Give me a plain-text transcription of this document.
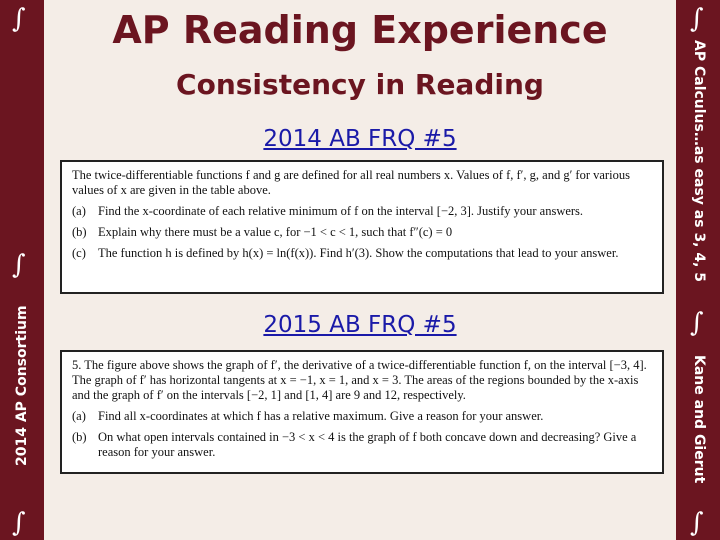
∫
∫
2014 AP Consortium
∫
∫
AP Calculus…as easy as 3, 4, 5
∫
Kane and Gierut
∫
AP Reading Experience
Consistency in Reading
2014 AB FRQ #5

The twice-differentiable functions f and g are defined for all real numbers x. Values of f, f′, g, and g′ for various values of x are given in the table above.

(a) Find the x-coordinate of each relative minimum of f on the interval [−2, 3]. Justify your answers.
(b) Explain why there must be a value c, for −1 < c < 1, such that f″(c) = 0
(c) The function h is defined by h(x) = ln(f(x)). Find h′(3). Show the computations that lead to your answer.
2015 AB FRQ #5

5. The figure above shows the graph of f′, the derivative of a twice-differentiable function f, on the interval [−3, 4]. The graph of f′ has horizontal tangents at x = −1, x = 1, and x = 3. The areas of the regions bounded by the x-axis and the graph of f′ on the intervals [−2, 1] and [1, 4] are 9 and 12, respectively.

(a) Find all x-coordinates at which f has a relative maximum. Give a reason for your answer.
(b) On what open intervals contained in −3 < x < 4 is the graph of f both concave down and decreasing? Give a reason for your answer.
